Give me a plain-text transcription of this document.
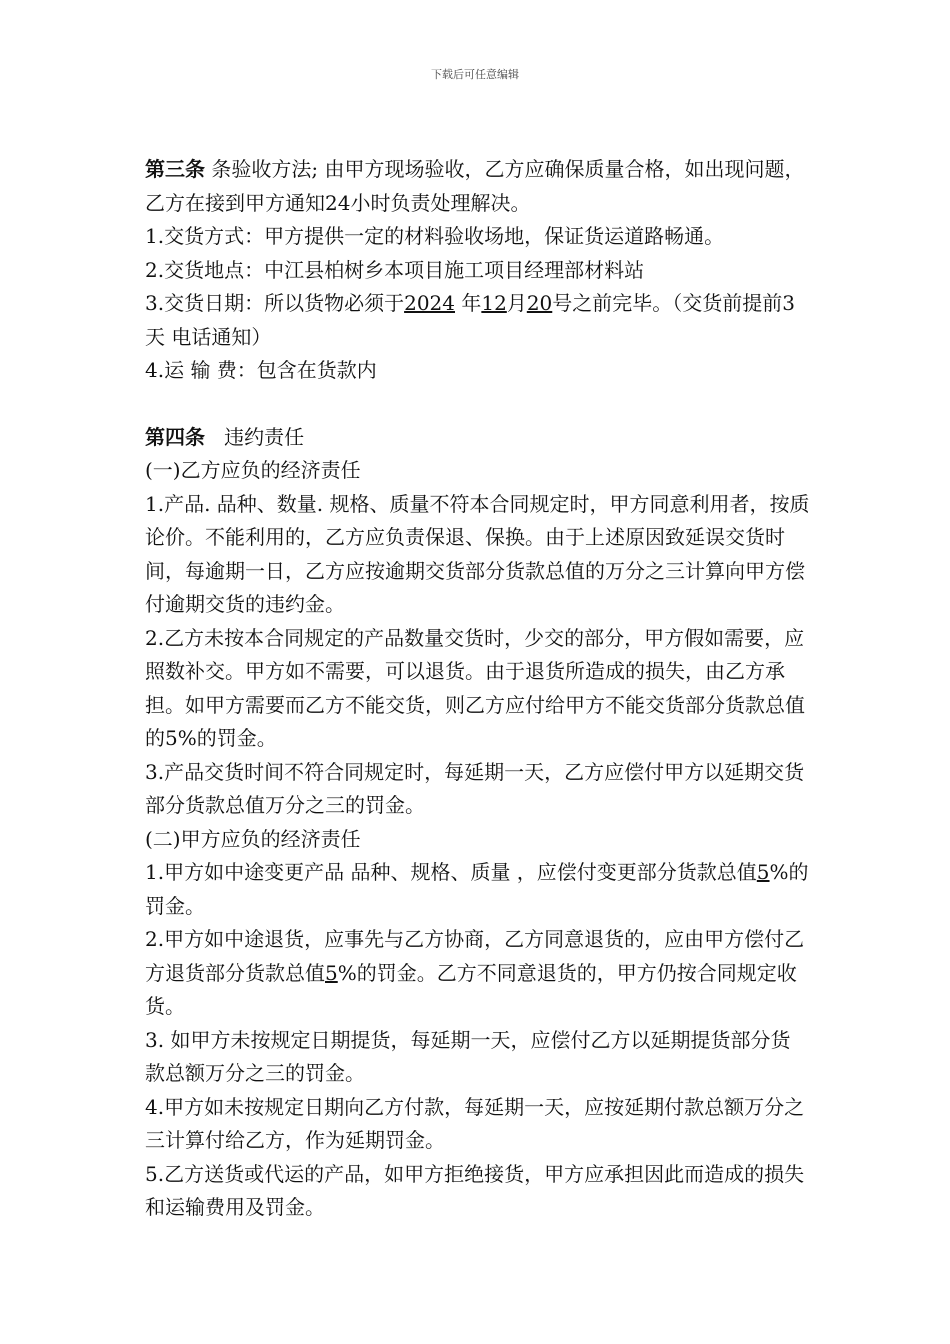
下载后可任意编辑

第三条 条验收方法; 由甲方现场验收，乙方应确保质量合格，如出现问题，乙方在接到甲方通知24小时负责处理解决。

1.交货方式：甲方提供一定的材料验收场地，保证货运道路畅通。

2.交货地点：中江县柏树乡本项目施工项目经理部材料站

3.交货日期：所以货物必须于2024 年12月20号之前完毕。（交货前提前3天 电话通知）

4.运 输 费：包含在货款内

第四条   违约责任

(一)乙方应负的经济责任

1.产品. 品种、数量. 规格、质量不符本合同规定时，甲方同意利用者，按质论价。不能利用的，乙方应负责保退、保换。由于上述原因致延误交货时间，每逾期一日，乙方应按逾期交货部分货款总值的万分之三计算向甲方偿付逾期交货的违约金。

2.乙方未按本合同规定的产品数量交货时，少交的部分，甲方假如需要，应照数补交。甲方如不需要，可以退货。由于退货所造成的损失，由乙方承担。如甲方需要而乙方不能交货，则乙方应付给甲方不能交货部分货款总值的5%的罚金。

3.产品交货时间不符合同规定时，每延期一天，乙方应偿付甲方以延期交货部分货款总值万分之三的罚金。

(二)甲方应负的经济责任

1.甲方如中途变更产品 品种、规格、质量 ，应偿付变更部分货款总值5%的罚金。

2.甲方如中途退货，应事先与乙方协商，乙方同意退货的，应由甲方偿付乙方退货部分货款总值5%的罚金。乙方不同意退货的，甲方仍按合同规定收货。

3. 如甲方未按规定日期提货，每延期一天，应偿付乙方以延期提货部分货款总额万分之三的罚金。

4.甲方如未按规定日期向乙方付款，每延期一天，应按延期付款总额万分之三计算付给乙方，作为延期罚金。

5.乙方送货或代运的产品，如甲方拒绝接货，甲方应承担因此而造成的损失和运输费用及罚金。
